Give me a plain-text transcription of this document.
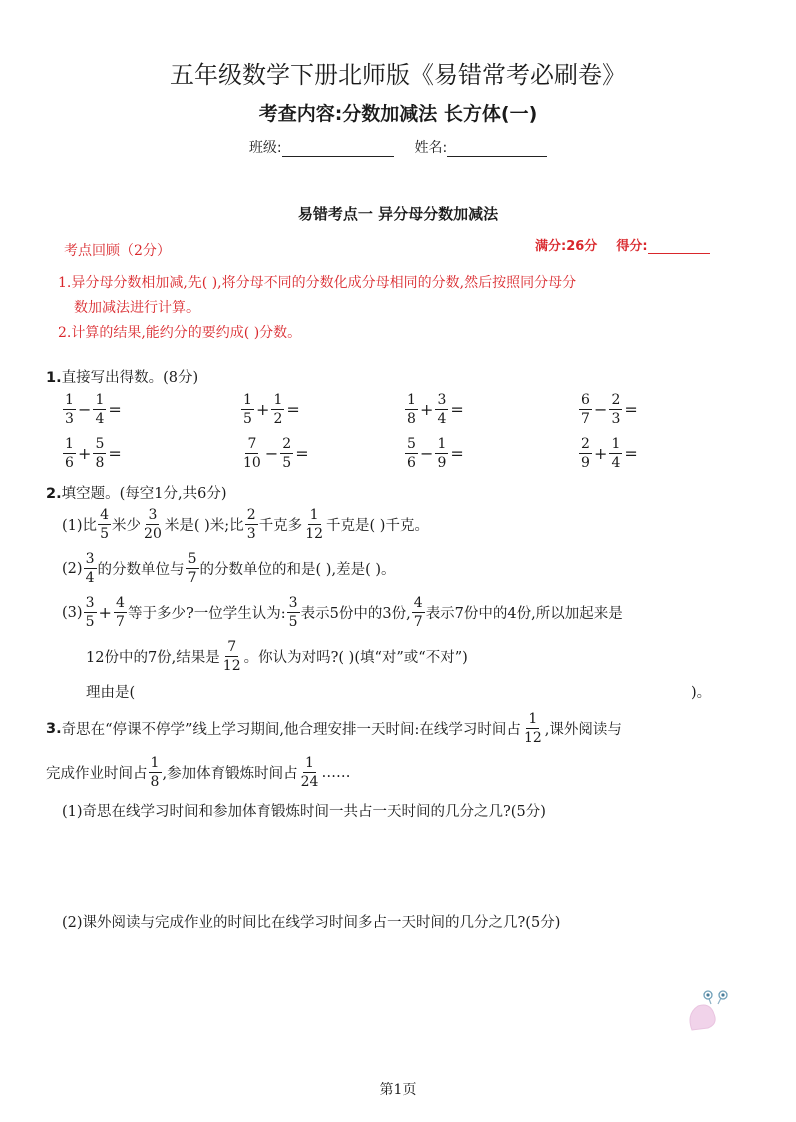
五年级数学下册北师版《易错常考必刷卷》
考查内容:分数加减法 长方体(一)
班级:	姓名:
易错考点一 异分母分数加减法
考点回顾（2分）	满分:26分 得分:
1.异分母分数相加减,先( ),将分母不同的分数化成分母相同的分数,然后按照同分母分
数加减法进行计算。
2.计算的结果,能约分的要约成( )分数。
1.直接写出得数。(8分)
$\frac{1}{3} - \frac{1}{4}$ =	$\frac{1}{5} + \frac{1}{2}$ =	$\frac{1}{8} + \frac{3}{4}$ =	$\frac{6}{7} - \frac{2}{3}$ =
$\frac{1}{6} + \frac{5}{8}$ =	$\frac{7}{10} - \frac{2}{5}$ =	$\frac{5}{6} - \frac{1}{9}$ =	$\frac{2}{9} + \frac{1}{4}$ =
2.填空题。(每空1分,共6分)
(1)比 $\frac{4}{5}$ 米少 $\frac{3}{20}$ 米是( )米;比 $\frac{2}{3}$ 千克多 $\frac{1}{12}$ 千克是( )千克。
$(2) \frac{3}{4}$ 的分数单位与 $\frac{5}{7}$ 的分数单位的和是( ),差是( )。
$(3) \frac{3}{5} + \frac{4}{7}$ 等于多少?一位学生认为: $\frac{3}{5}$ 表示5份中的3份, $\frac{4}{7}$ 表示7份中的4份,所以加起来是
12份中的7份,结果是 $\frac{7}{12}$ 。你认为对吗?( )(填“对”或“不对”)
理由是(	)。
3. 奇思在“停课不停学”线上学习期间,他合理安排一天时间:在线学习时间占 $\frac{1}{12}$ ,课外阅读与
完成作业时间占 $\frac{1}{8}$ ,参加体育锻炼时间占 $\frac{1}{24}$ ……
(1)奇思在线学习时间和参加体育锻炼时间一共占一天时间的几分之几?(5分)
(2)课外阅读与完成作业的时间比在线学习时间多占一天时间的几分之几?(5分)
第1页
